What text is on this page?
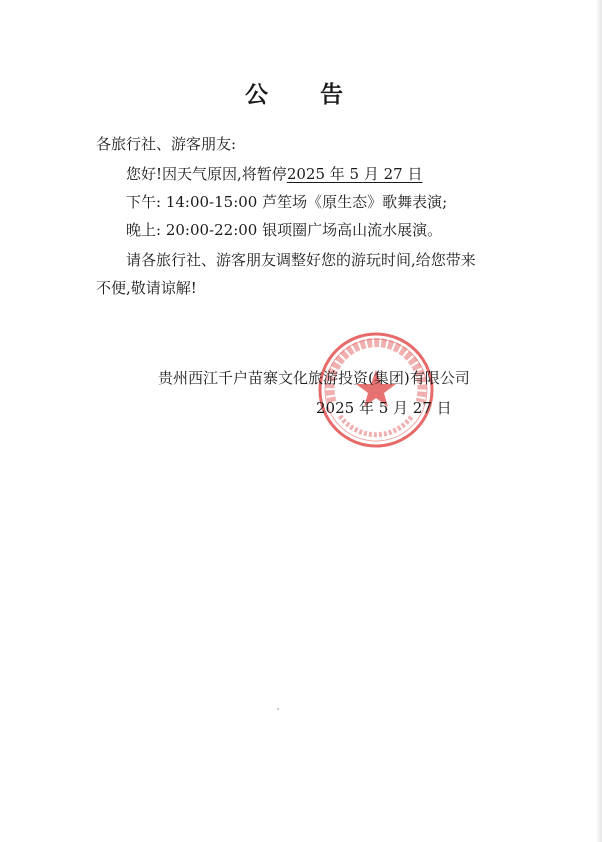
公 告
各旅行社、游客朋友:
您好!因天气原因,将暂停2025 年 5 月 27 日
下午: 14:00-15:00 芦笙场《原生态》歌舞表演;
晚上: 20:00-22:00 银项圈广场高山流水展演。
请各旅行社、游客朋友调整好您的游玩时间,给您带来
不便,敬请谅解!
贵州西江千户苗寨文化旅游投资(集团)有限公司
2025 年 5 月 27 日
